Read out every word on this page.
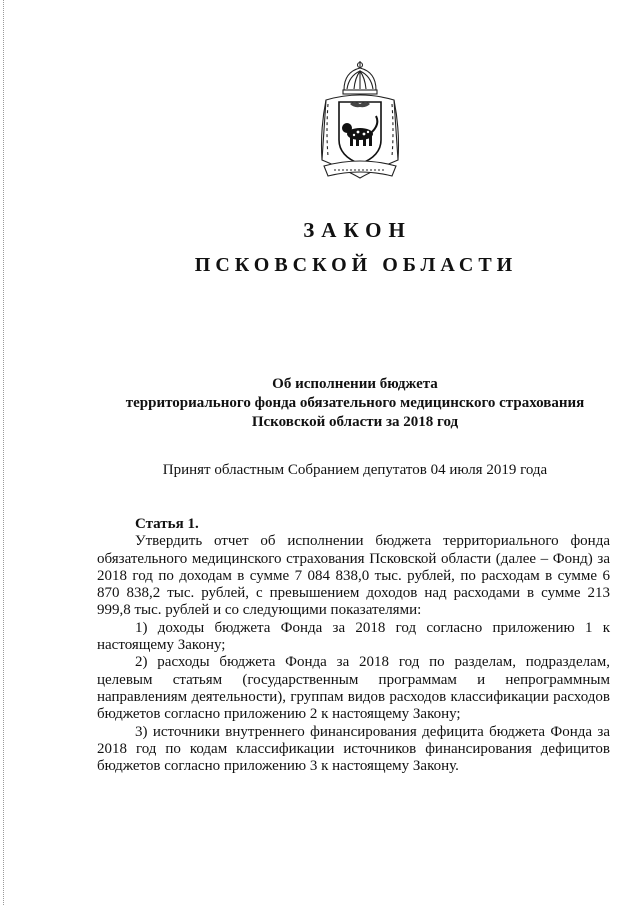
ЗАКОН
ПСКОВСКОЙ ОБЛАСТИ
Об исполнении бюджета
территориального фонда обязательного медицинского страхования
Псковской области за 2018 год
Принят областным Собранием депутатов 04 июля 2019 года
Статья 1.

Утвердить отчет об исполнении бюджета территориального фонда обязательного медицинского страхования Псковской области (далее – Фонд) за 2018 год по доходам в сумме 7 084 838,0 тыс. рублей, по расходам в сумме 6 870 838,2 тыс. рублей, с превышением доходов над расходами в сумме 213 999,8 тыс. рублей и со следующими показателями:

1) доходы бюджета Фонда за 2018 год согласно приложению 1 к настоящему Закону;

2) расходы бюджета Фонда за 2018 год по разделам, подразделам, целевым статьям (государственным программам и непрограммным направлениям деятельности), группам видов расходов классификации расходов бюджетов согласно приложению 2 к настоящему Закону;

3) источники внутреннего финансирования дефицита бюджета Фонда за 2018 год по кодам классификации источников финансирования дефицитов бюджетов согласно приложению 3 к настоящему Закону.
